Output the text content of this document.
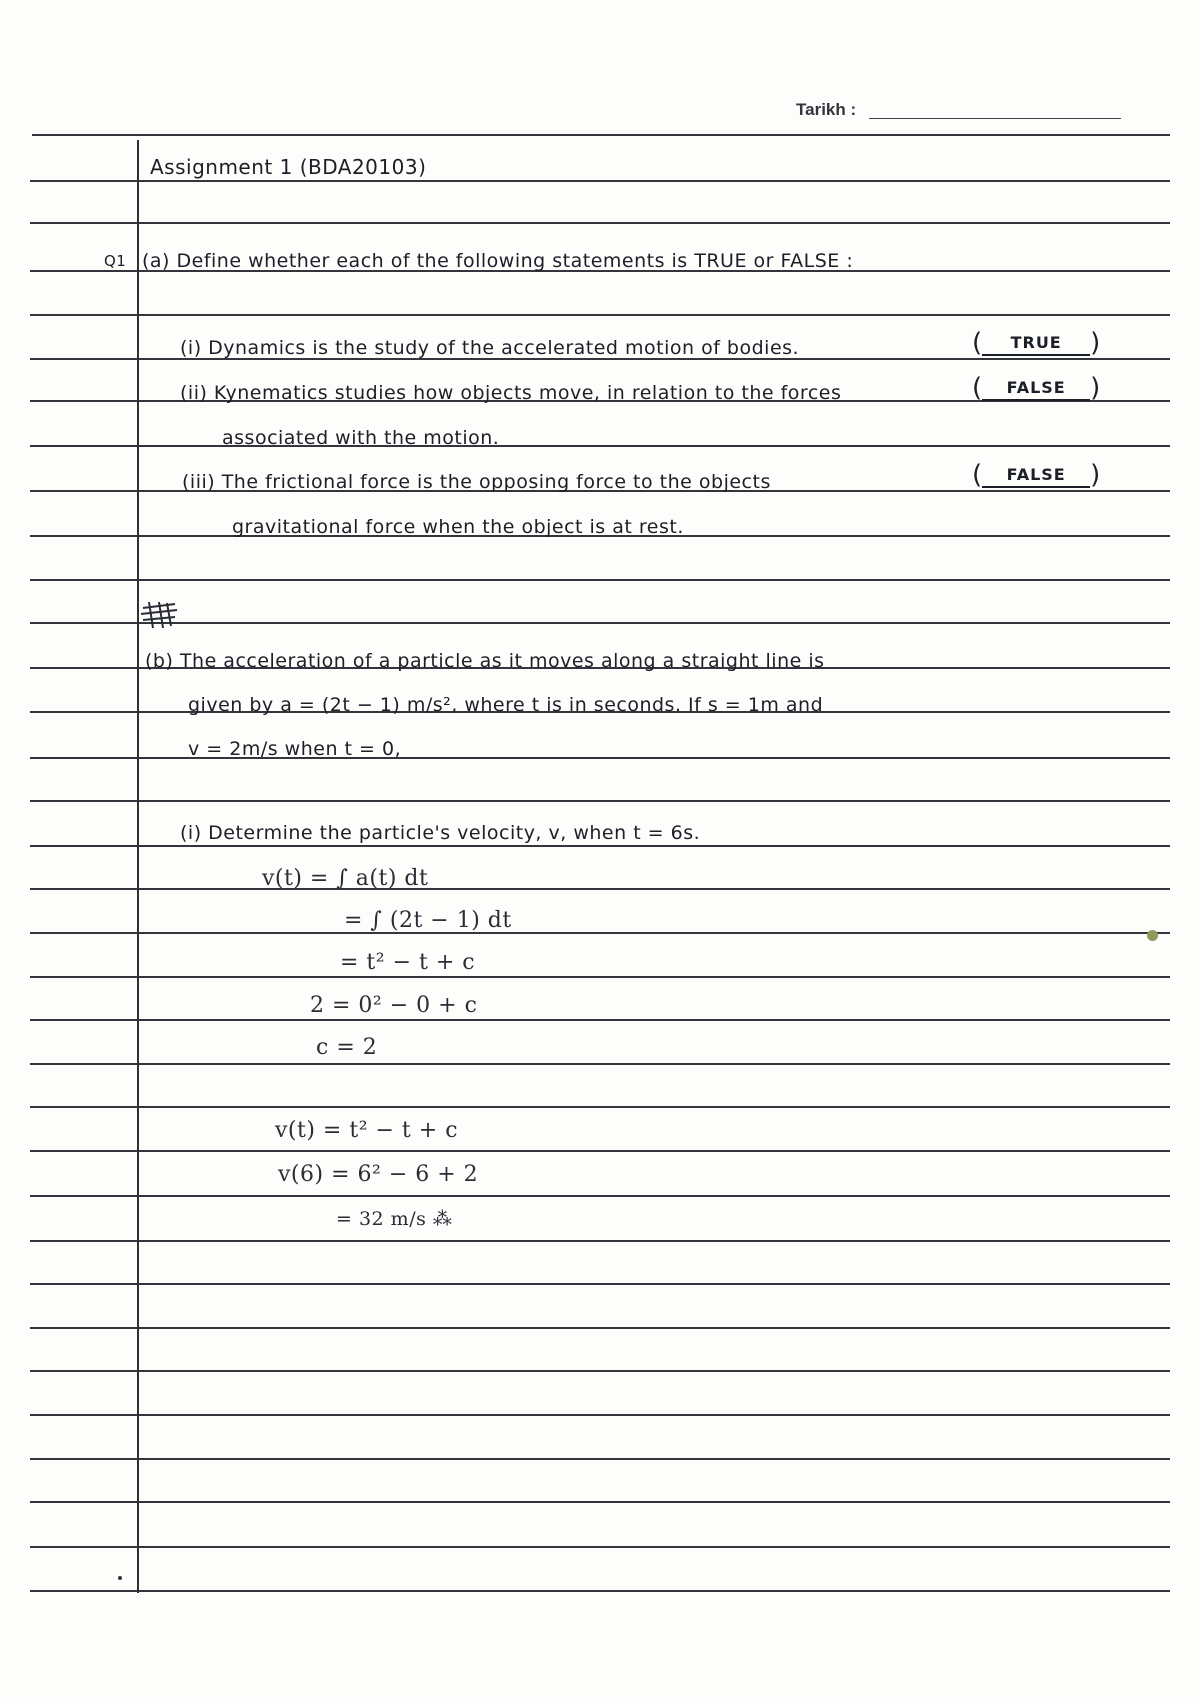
Tarikh :
Assignment 1 (BDA20103)
Q1 (a) Define whether each of the following statements is TRUE or FALSE :
(i) Dynamics is the study of the accelerated motion of bodies.	( TRUE )
(ii) Kynematics studies how objects move, in relation to the forces	( FALSE )
associated with the motion.
(iii) The frictional force is the opposing force to the objects	( FALSE )
gravitational force when the object is at rest.
(b) The acceleration of a particle as it moves along a straight line is
given by a = (2t − 1) m/s², where t is in seconds. If s = 1m and
v = 2m/s when t = 0,
(i) Determine the particle's velocity, v, when t = 6s.
v(t) = ∫ a(t) dt
= ∫ (2t − 1) dt
= t² − t + c
2 = 0² − 0 + c
c = 2
v(t) = t² − t + c
v(6) = 6² − 6 + 2
= 32 m/s ⁂
